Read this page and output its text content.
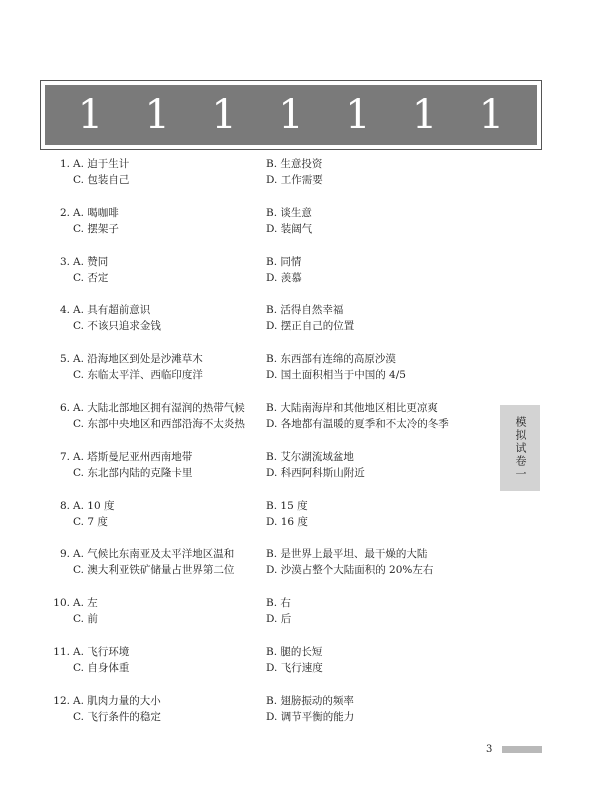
1 1 1 1 1 1 1
1. A. 迫于生计	B. 生意投资
C. 包装自己	D. 工作需要
2. A. 喝咖啡	B. 谈生意
C. 摆架子	D. 装阔气
3. A. 赞同	B. 同情
C. 否定	D. 羡慕
4. A. 具有超前意识	B. 活得自然幸福
C. 不该只追求金钱	D. 摆正自己的位置
5. A. 沿海地区到处是沙滩草木	B. 东西部有连绵的高原沙漠
C. 东临太平洋、西临印度洋	D. 国土面积相当于中国的 4/5
6. A. 大陆北部地区拥有湿润的热带气候 B. 大陆南海岸和其他地区相比更凉爽
C. 东部中央地区和西部沿海不太炎热 D. 各地都有温暖的夏季和不太冷的冬季
7. A. 塔斯曼尼亚州西南地带	B. 艾尔湖流域盆地
C. 东北部内陆的克隆卡里	D. 科西阿科斯山附近
8. A. 10 度	B. 15 度
C. 7 度	D. 16 度
9. A. 气候比东南亚及太平洋地区温和	B. 是世界上最平坦、最干燥的大陆
C. 澳大利亚铁矿储量占世界第二位	D. 沙漠占整个大陆面积的 20%左右
10. A. 左	B. 右
C. 前	D. 后
11. A. 飞行环境	B. 腿的长短
C. 自身体重	D. 飞行速度
12. A. 肌肉力量的大小	B. 翅膀振动的频率
C. 飞行条件的稳定	D. 调节平衡的能力
模拟试卷一
3
